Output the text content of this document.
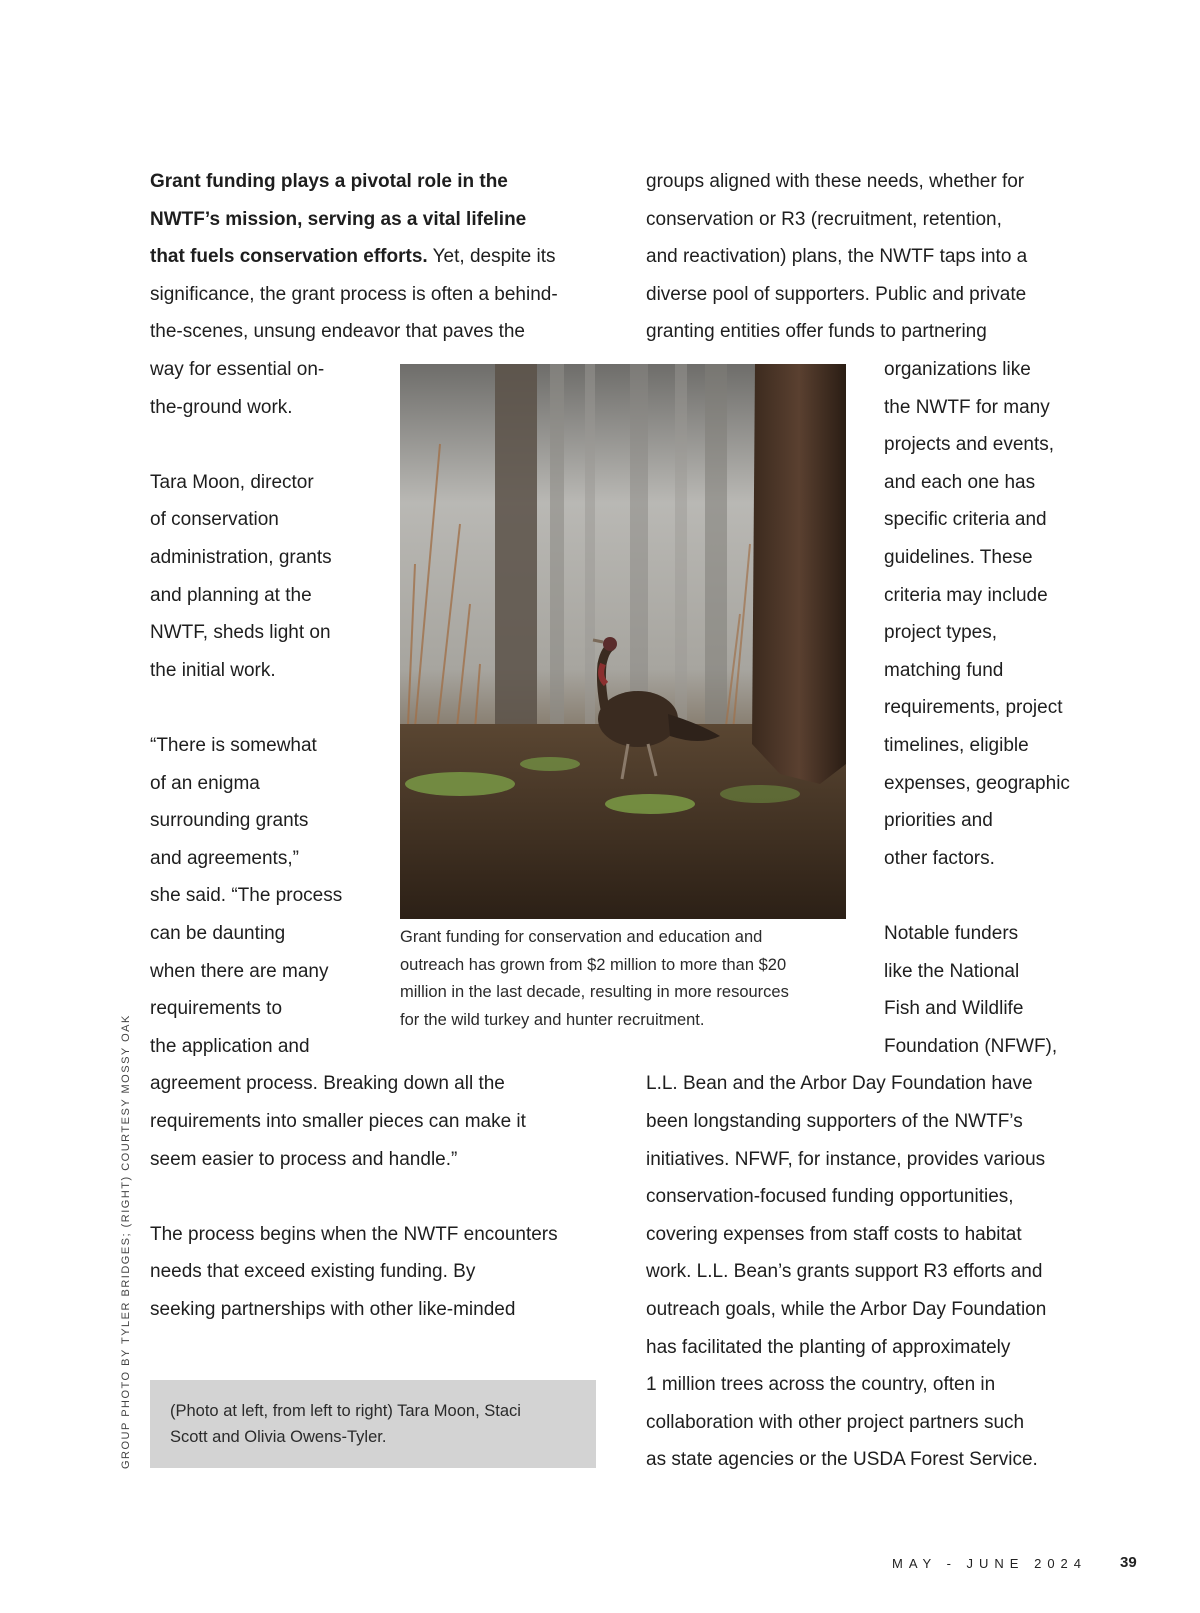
Grant funding plays a pivotal role in the
NWTF’s mission, serving as a vital lifeline
that fuels conservation efforts. Yet, despite its
significance, the grant process is often a behind-
the-scenes, unsung endeavor that paves the
way for essential on-
the-ground work.
Tara Moon, director
of conservation
administration, grants
and planning at the
NWTF, sheds light on
the initial work.
“There is somewhat
of an enigma
surrounding grants
and agreements,”
she said. “The process
can be daunting
when there are many
requirements to
the application and
agreement process. Breaking down all the
requirements into smaller pieces can make it
seem easier to process and handle.”
The process begins when the NWTF encounters
needs that exceed existing funding. By
seeking partnerships with other like-minded
groups aligned with these needs, whether for
conservation or R3 (recruitment, retention,
and reactivation) plans, the NWTF taps into a
diverse pool of supporters. Public and private
granting entities offer funds to partnering
organizations like
the NWTF for many
projects and events,
and each one has
specific criteria and
guidelines. These
criteria may include
project types,
matching fund
requirements, project
timelines, eligible
expenses, geographic
priorities and
other factors.
Notable funders
like the National
Fish and Wildlife
Foundation (NFWF),
L.L. Bean and the Arbor Day Foundation have
been longstanding supporters of the NWTF’s
initiatives. NFWF, for instance, provides various
conservation-focused funding opportunities,
covering expenses from staff costs to habitat
work. L.L. Bean’s grants support R3 efforts and
outreach goals, while the Arbor Day Foundation
has facilitated the planting of approximately
1 million trees across the country, often in
collaboration with other project partners such
as state agencies or the USDA Forest Service.
Grant funding for conservation and education and
outreach has grown from $2 million to more than $20
million in the last decade, resulting in more resources
for the wild turkey and hunter recruitment.
(Photo at left, from left to right) Tara Moon, Staci
Scott and Olivia Owens-Tyler.
GROUP PHOTO BY TYLER BRIDGES; (RIGHT) COURTESY MOSSY OAK
MAY - JUNE 2024 39
